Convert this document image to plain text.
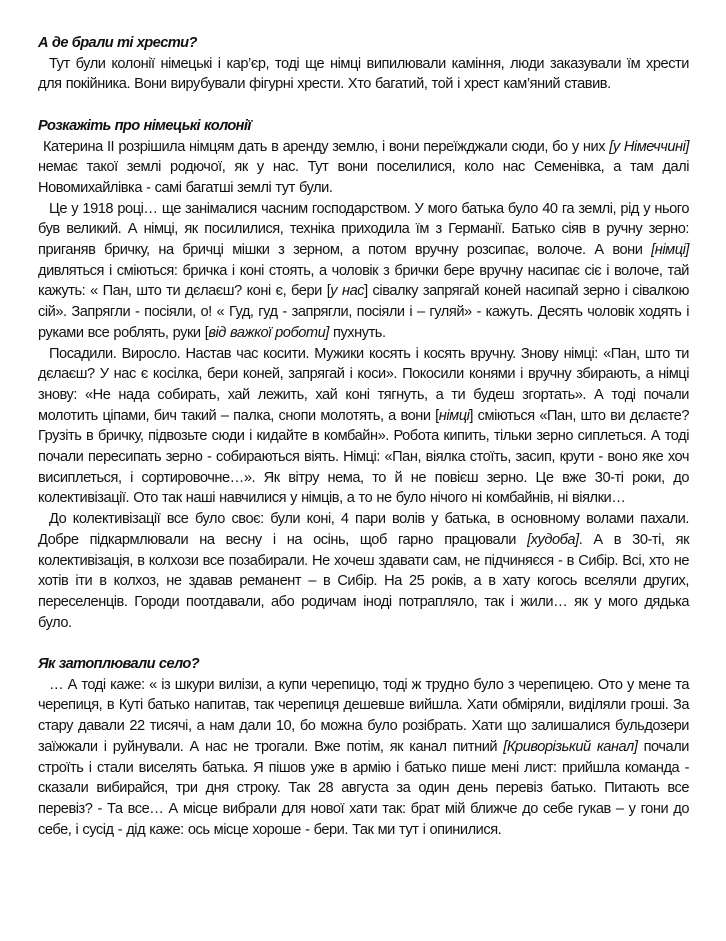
А де брали ті хрести?

Тут були колонії німецькі і кар’єр, тоді ще німці випилювали каміння, люди заказували їм хрести для покійника. Вони вирубували фігурні хрести. Хто багатий, той і хрест кам’яний ставив.

Розкажіть про німецькі колонії

Катерина ІІ розрішила німцям дать в аренду землю, і вони переїжджали сюди, бо у них [у Німеччині] немає такої землі родючої, як у нас. Тут вони поселилися, коло нас Семенівка, а там далі Новомихайлівка - самі багатші землі тут були.

Це у 1918 році… ще занімалися часним господарством. У мого батька було 40 га землі, рід у нього був великий. А німці, як посилилися, техніка приходила їм з Германії. Батько сіяв в ручну зерно: приганяв бричку, на бричці мішки з зерном, а потом вручну розсипає, волоче. А вони [німці] дивляться і сміються: бричка і коні стоять, а чоловік з брички бере вручну насипає сіє і волоче, тай кажуть: « Пан, што ти дєлаєш? коні є, бери [у нас] сівалку запрягай коней насипай зерно і сівалкою сій». Запрягли - посіяли, о! « Гуд, гуд - запрягли, посіяли і – гуляй» - кажуть. Десять чоловік ходять і руками все роблять, руки [від важкої роботи] пухнуть.

Посадили. Виросло. Настав час косити. Мужики косять і косять вручну. Знову німці: «Пан, што ти дєлаєш? У нас є косілка, бери коней, запрягай і коси». Покосили конями і вручну збирають, а німці знову: «Не нада собирать, хай лежить, хай коні тягнуть, а ти будеш згортать». А тоді почали молотить ціпами, бич такий – палка, снопи молотять, а вони [німці] сміються «Пан, што ви дєлаєте? Грузіть в бричку, підвозьте сюди і кидайте в комбайн». Робота кипить, тільки зерно сиплеться. А тоді почали пересипать зерно - собираються віять. Німці: «Пан, віялка стоїть, засип, крути - воно яке хоч висиплеться, і сортировочне…». Як вітру нема, то й не повієш зерно. Це вже 30-ті роки, до колективізації. Ото так наші навчилися у німців, а то не було нічого ні комбайнів, ні віялки…

До колективізації все було своє: були коні, 4 пари волів у батька, в основному волами пахали. Добре підкармлювали на весну і на осінь, щоб гарно працювали [худоба]. А в 30-ті, як колективізація, в колхози все позабирали. Не хочеш здавати сам, не підчиняєся - в Сибір. Всі, хто не хотів іти в колхоз, не здавав реманент – в Сибір. На 25 років, а в хату когось вселяли других, переселенців. Городи поотдавали, або родичам іноді потрапляло, так і жили… як у мого дядька було.

Як затоплювали село?

… А тоді каже: « із шкури вилізи, а купи черепицю, тоді ж трудно було з черепицею. Ото у мене та черепиця, в Куті батько напитав, так черепиця дешевше вийшла. Хати обміряли, виділяли гроші. За стару давали 22 тисячі, а нам дали 10, бо можна було розібрать. Хати що залишалися бульдозери заїжжали і руйнували. А нас не трогали. Вже потім, як канал питний [Криворізький канал] почали строїть і стали виселять батька. Я пішов уже в армію і батько пише мені лист: прийшла команда - сказали вибирайся, три дня строку. Так 28 августа за один день перевіз батько. Питають все перевіз? - Та все… А місце вибрали для нової хати так: брат мій ближче до себе гукав – у гони до себе, і сусід - дід каже: ось місце хороше - бери. Так ми тут і опинилися.
